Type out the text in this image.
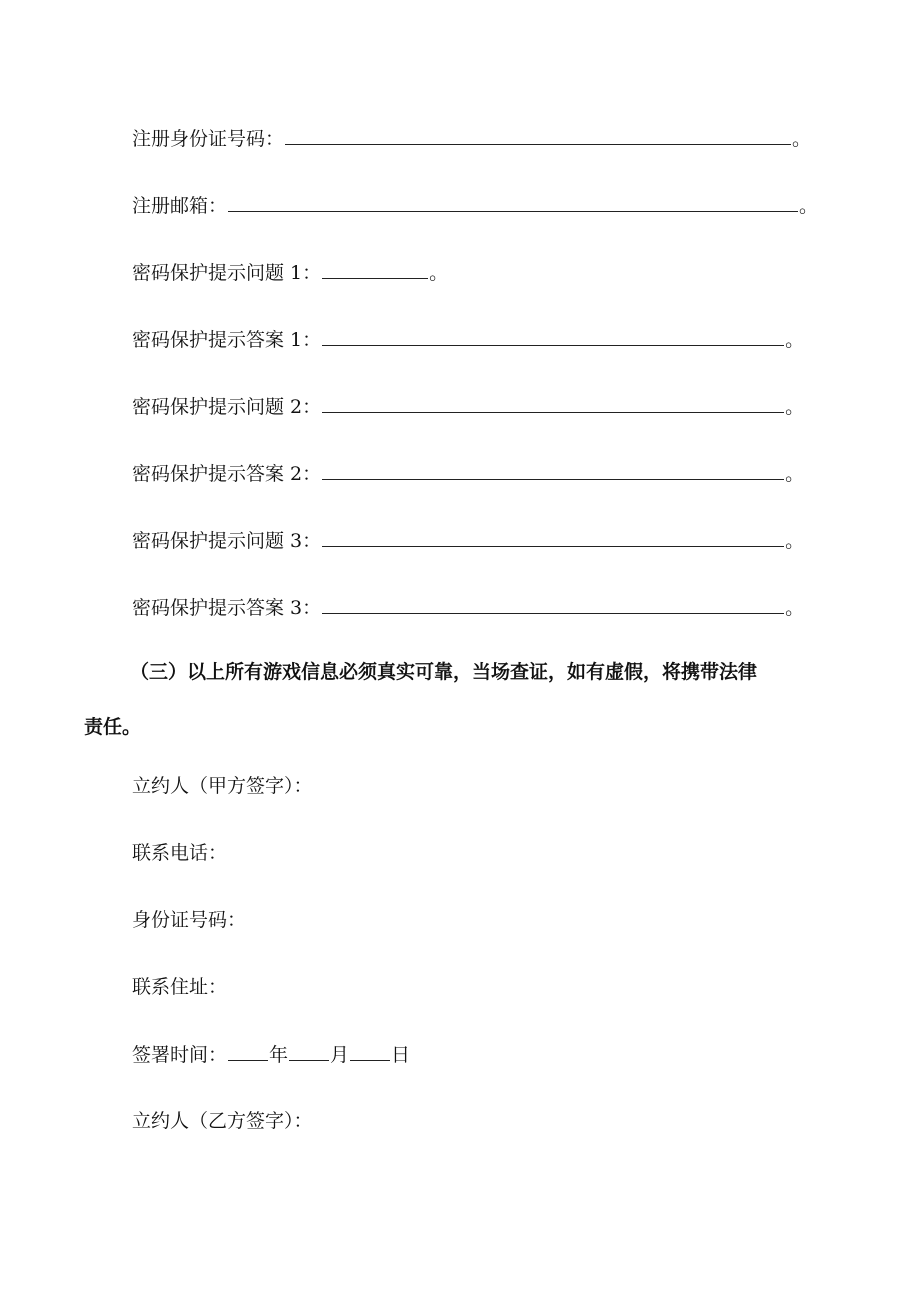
注册身份证号码：	。
注册邮箱：	。
密码保护提示问题 1：	。
密码保护提示答案 1：	。
密码保护提示问题 2：	。
密码保护提示答案 2：	。
密码保护提示问题 3：	。
密码保护提示答案 3：	。
（三）以上所有游戏信息必须真实可靠，当场查证，如有虚假，将携带法律
责任。
立约人（甲方签字）：
联系电话：
身份证号码：
联系住址：
签署时间： 年 月 日
立约人（乙方签字）：
